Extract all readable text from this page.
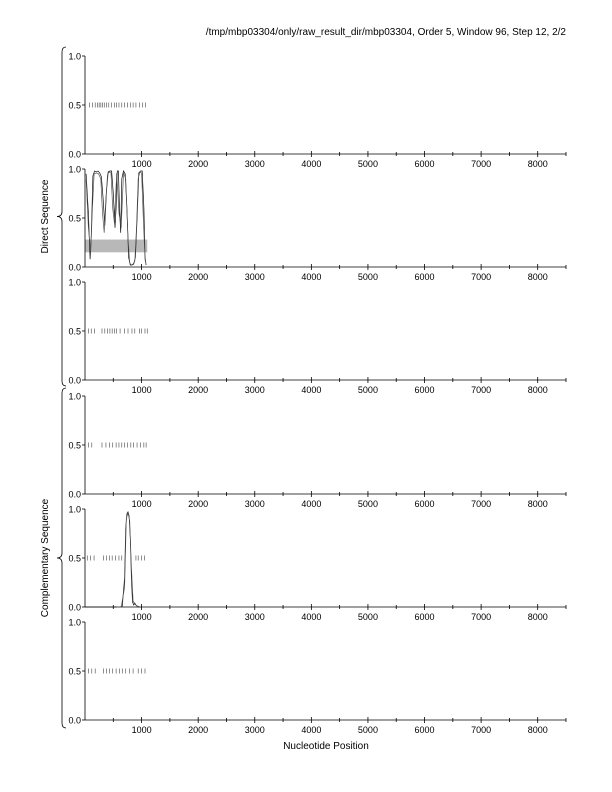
/tmp/mbp03304/only/raw_result_dir/mbp03304, Order 5, Window 96, Step 12, 2/2
0.0
0.5
1.0
1000	2000	3000	4000	5000	6000	7000	8000
0.0
0.5
1.0
1000	2000	3000	4000	5000	6000	7000	8000
0.0
0.5
1.0
1000	2000	3000	4000	5000	6000	7000	8000
0.0
0.5
1.0
1000	2000	3000	4000	5000	6000	7000	8000
0.0
0.5
1.0
1000	2000	3000	4000	5000	6000	7000	8000
0.0
0.5
1.0
1000	2000	3000	4000	5000	6000	7000	8000
Direct Sequence
Complementary Sequence
Nucleotide Position
